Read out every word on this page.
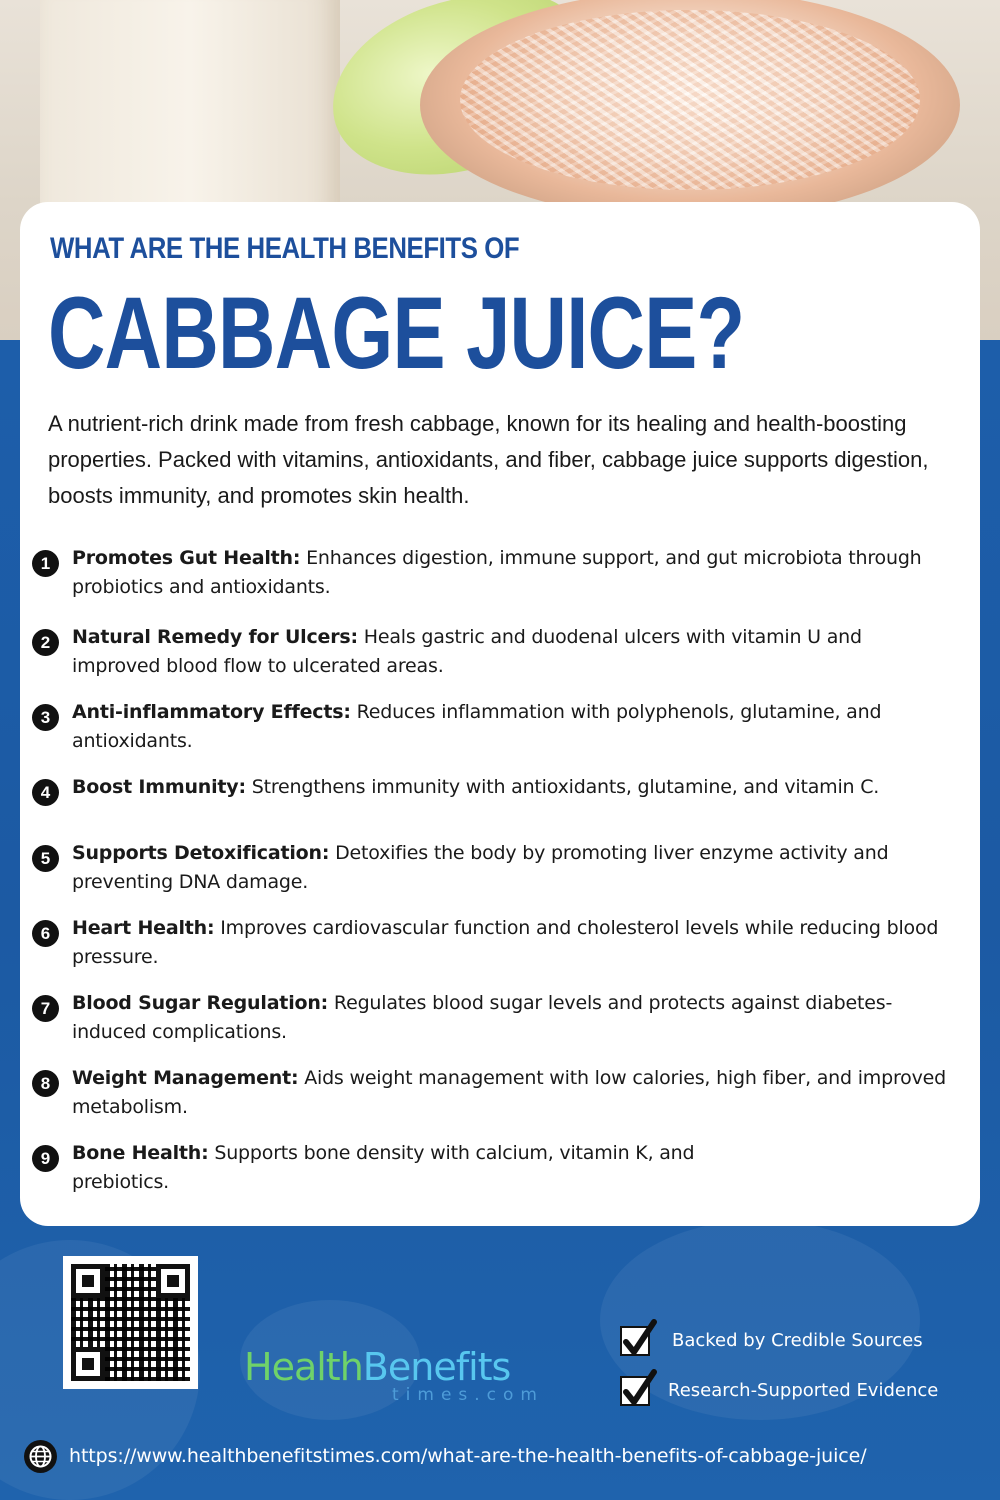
WHAT ARE THE HEALTH BENEFITS OF
CABBAGE JUICE?
A nutrient-rich drink made from fresh cabbage, known for its healing and health-boosting properties. Packed with vitamins, antioxidants, and fiber, cabbage juice supports digestion, boosts immunity, and promotes skin health.
1	Promotes Gut Health: Enhances digestion, immune support, and gut microbiota through probiotics and antioxidants.
2	Natural Remedy for Ulcers: Heals gastric and duodenal ulcers with vitamin U and improved blood flow to ulcerated areas.
3	Anti-inflammatory Effects: Reduces inflammation with polyphenols, glutamine, and antioxidants.
4	Boost Immunity: Strengthens immunity with antioxidants, glutamine, and vitamin C.
5	Supports Detoxification: Detoxifies the body by promoting liver enzyme activity and preventing DNA damage.
6	Heart Health: Improves cardiovascular function and cholesterol levels while reducing blood pressure.
7	Blood Sugar Regulation: Regulates blood sugar levels and protects against diabetes-induced complications.
8	Weight Management: Aids weight management with low calories, high fiber, and improved metabolism.
9	Bone Health: Supports bone density with calcium, vitamin K, and prebiotics.
HealthBenefits
times.com
Backed by Credible Sources
Research-Supported Evidence
https://www.healthbenefitstimes.com/what-are-the-health-benefits-of-cabbage-juice/
